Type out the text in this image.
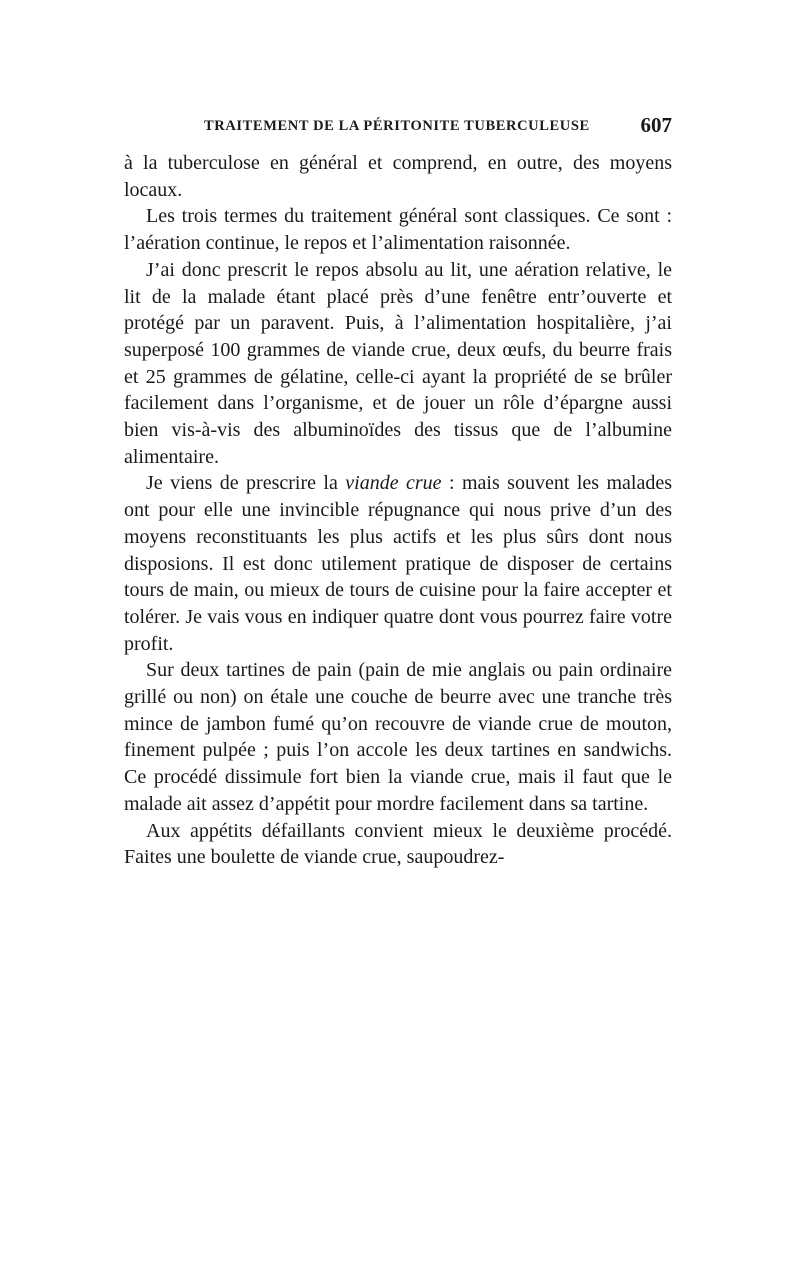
TRAITEMENT DE LA PÉRITONITE TUBERCULEUSE 607

à la tuberculose en général et comprend, en outre, des moyens locaux.

Les trois termes du traitement général sont classiques. Ce sont : l’aération continue, le repos et l’alimentation raisonnée.

J’ai donc prescrit le repos absolu au lit, une aération relative, le lit de la malade étant placé près d’une fenêtre entr’ouverte et protégé par un paravent. Puis, à l’alimentation hospitalière, j’ai superposé 100 grammes de viande crue, deux œufs, du beurre frais et 25 grammes de gélatine, celle-ci ayant la propriété de se brûler facilement dans l’organisme, et de jouer un rôle d’épargne aussi bien vis-à-vis des albuminoïdes des tissus que de l’albumine alimentaire.

Je viens de prescrire la viande crue : mais souvent les malades ont pour elle une invincible répugnance qui nous prive d’un des moyens reconstituants les plus actifs et les plus sûrs dont nous disposions. Il est donc utilement pratique de disposer de certains tours de main, ou mieux de tours de cuisine pour la faire accepter et tolérer. Je vais vous en indiquer quatre dont vous pourrez faire votre profit.

Sur deux tartines de pain (pain de mie anglais ou pain ordinaire grillé ou non) on étale une couche de beurre avec une tranche très mince de jambon fumé qu’on recouvre de viande crue de mouton, finement pulpée ; puis l’on accole les deux tartines en sandwichs. Ce procédé dissimule fort bien la viande crue, mais il faut que le malade ait assez d’appétit pour mordre facilement dans sa tartine.

Aux appétits défaillants convient mieux le deuxième procédé. Faites une boulette de viande crue, saupoudrez-
